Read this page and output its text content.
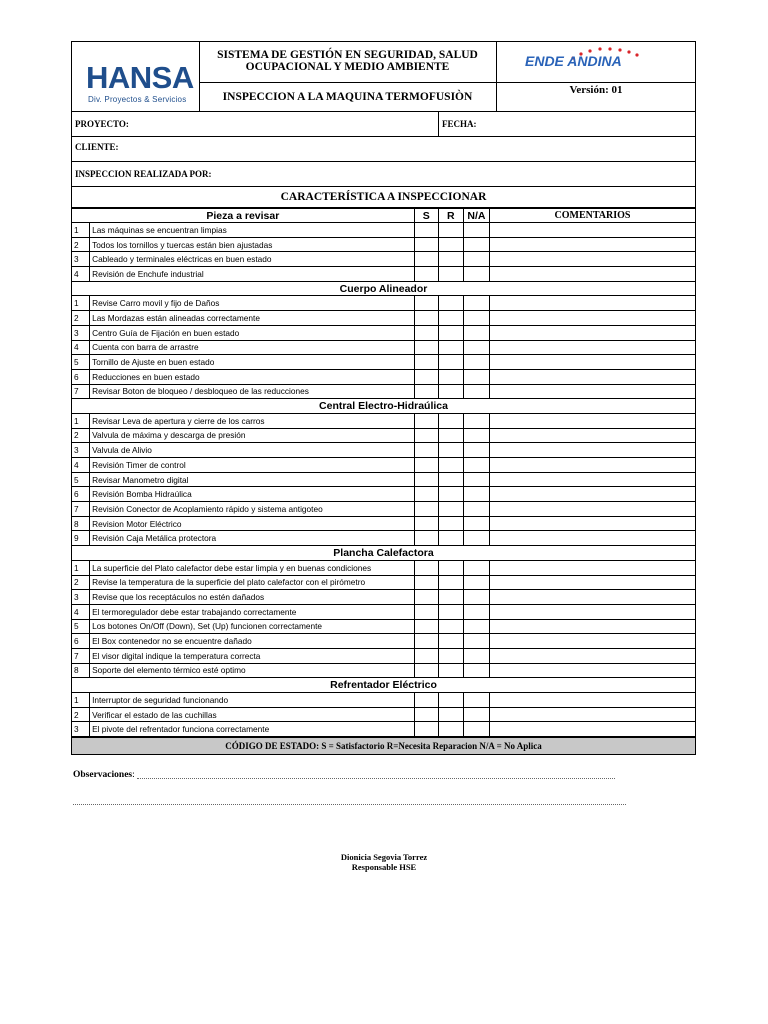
HANSA
Div. Proyectos & Servicios
SISTEMA DE GESTIÓN EN SEGURIDAD, SALUD
OCUPACIONAL Y MEDIO AMBIENTE
INSPECCION A LA MAQUINA TERMOFUSIÒN
ENDE ANDINA
Versión: 01
PROYECTO:	FECHA:
CLIENTE:
INSPECCION REALIZADA POR:
CARACTERÍSTICA A INSPECCIONAR
Pieza a revisar		S	R	N/A	COMENTARIOS
1	Las máquinas se encuentran limpias				
2	Todos los tornillos y tuercas están bien ajustadas				
3	Cableado y terminales eléctricas en buen estado				
4	Revisión de Enchufe industrial				
Cuerpo Alineador					
1	Revise Carro movil y fijo de Daños				
2	Las Mordazas están alineadas correctamente				
3	Centro Guía de Fijación en buen estado				
4	Cuenta con barra de arrastre				
5	Tornillo de Ajuste en buen estado				
6	Reducciones en buen estado				
7	Revisar Boton de bloqueo / desbloqueo de las reducciones				
Central Electro-Hidraúlica					
1	Revisar Leva de apertura y cierre de los carros				
2	Valvula de máxima y descarga de presión				
3	Valvula de Alivio				
4	Revisión Timer de control				
5	Revisar Manometro digital				
6	Revisión Bomba Hidraúlica				
7	Revisión Conector de Acoplamiento rápido y sistema antigoteo				
8	Revision Motor Eléctrico				
9	Revisión Caja Metálica protectora				
Plancha Calefactora					
1	La superficie del Plato calefactor debe estar limpia y en buenas condiciones				
2	Revise la temperatura de la superficie del plato calefactor con el pirómetro				
3	Revise que los receptáculos no estén dañados				
4	El termoregulador debe estar trabajando correctamente				
5	Los botones On/Off (Down), Set (Up) funcionen correctamente				
6	El Box contenedor no se encuentre dañado				
7	El visor digital indique la temperatura correcta				
8	Soporte del elemento térmico esté optimo				
Refrentador Eléctrico					
1	Interruptor de seguridad funcionando				
2	Verificar el estado de las cuchillas				
3	El pivote del refrentador funciona correctamente				
CÓDIGO DE ESTADO: S = Satisfactorio R=Necesita Reparacion N/A = No Aplica
Observaciones:
Dionicia Segovia Torrez
Responsable HSE
